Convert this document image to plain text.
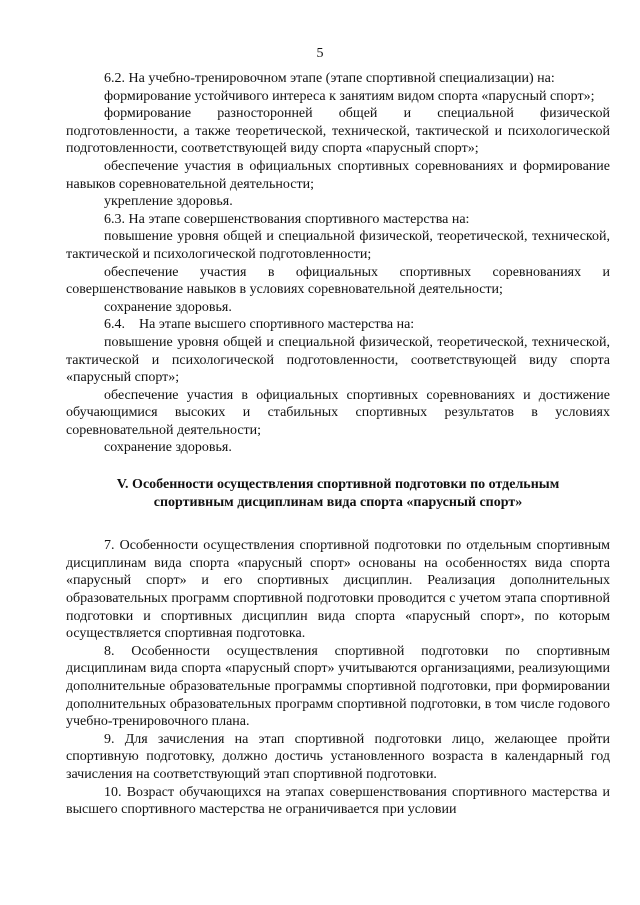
5

6.2. На учебно-тренировочном этапе (этапе спортивной специализации) на:

формирование устойчивого интереса к занятиям видом спорта «парусный спорт»;

формирование разносторонней общей и специальной физической подготовленности, а также теоретической, технической, тактической и психологической подготовленности, соответствующей виду спорта «парусный спорт»;

обеспечение участия в официальных спортивных соревнованиях и формирование навыков соревновательной деятельности;

укрепление здоровья.

6.3. На этапе совершенствования спортивного мастерства на:

повышение уровня общей и специальной физической, теоретической, технической, тактической и психологической подготовленности;

обеспечение участия в официальных спортивных соревнованиях и совершенствование навыков в условиях соревновательной деятельности;

сохранение здоровья.

6.4.    На этапе высшего спортивного мастерства на:

повышение уровня общей и специальной физической, теоретической, технической, тактической и психологической подготовленности, соответствующей виду спорта «парусный спорт»;

обеспечение участия в официальных спортивных соревнованиях и достижение обучающимися высоких и стабильных спортивных результатов в условиях соревновательной деятельности;

сохранение здоровья.

V. Особенности осуществления спортивной подготовки по отдельным спортивным дисциплинам вида спорта «парусный спорт»

7. Особенности осуществления спортивной подготовки по отдельным спортивным дисциплинам вида спорта «парусный спорт» основаны на особенностях вида спорта «парусный спорт» и его спортивных дисциплин. Реализация дополнительных образовательных программ спортивной подготовки проводится с учетом этапа спортивной подготовки и спортивных дисциплин вида спорта «парусный спорт», по которым осуществляется спортивная подготовка.

8. Особенности осуществления спортивной подготовки по спортивным дисциплинам вида спорта «парусный спорт» учитываются организациями, реализующими дополнительные образовательные программы спортивной подготовки, при формировании дополнительных образовательных программ спортивной подготовки, в том числе годового учебно-тренировочного плана.

9. Для зачисления на этап спортивной подготовки лицо, желающее пройти спортивную подготовку, должно достичь установленного возраста в календарный год зачисления на соответствующий этап спортивной подготовки.

10. Возраст обучающихся на этапах совершенствования спортивного мастерства и высшего спортивного мастерства не ограничивается при условии
